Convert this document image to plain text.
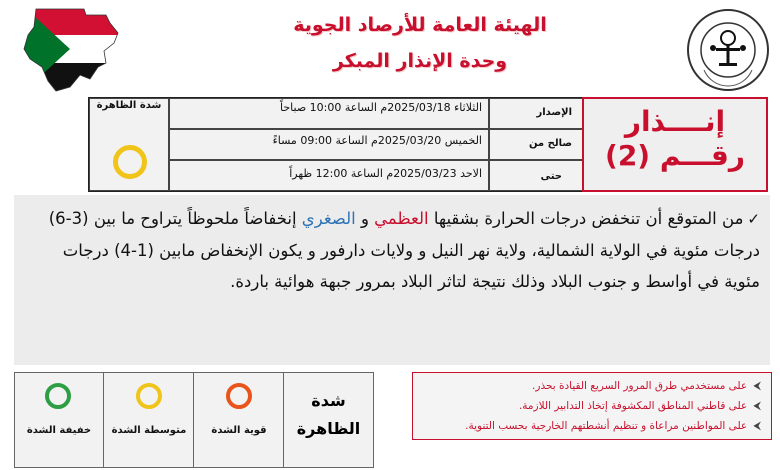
الهيئة العامة للأرصاد الجوية
وحدة الإنذار المبكر
شدة الظاهرة	الثلاثاء 2025/03/18م الساعة 10:00 صباحاً
الخميس 2025/03/20م الساعة 09:00 مساءً
الاحد 2025/03/23م الساعة 12:00 ظهراً
الإصدار
صالح من
حتى
إنــــذار
رقـــم (2)
✓من المتوقع أن تنخفض درجات الحرارة بشقيها العظمي و الصغري إنخفاضاً ملحوظاً يتراوح ما بين (3-6) درجات مئوية في الولاية الشمالية، ولاية نهر النيل و ولايات دارفور و يكون الإنخفاض مابين (1-4) درجات مئوية في أواسط و جنوب البلاد وذلك نتيجة لتاثر البلاد بمرور جبهة هوائية باردة.
شدة
الظاهرة
قوية الشدة
متوسطة الشدة
خفيفة الشدة
⮜على مستخدمي طرق المرور السريع القيادة بحذر.
⮜على قاطني المناطق المكشوفة إتخاذ التدابير اللازمة.
⮜على المواطنين مراعاة و تنظيم أنشطتهم الخارجية بحسب التنوية.
